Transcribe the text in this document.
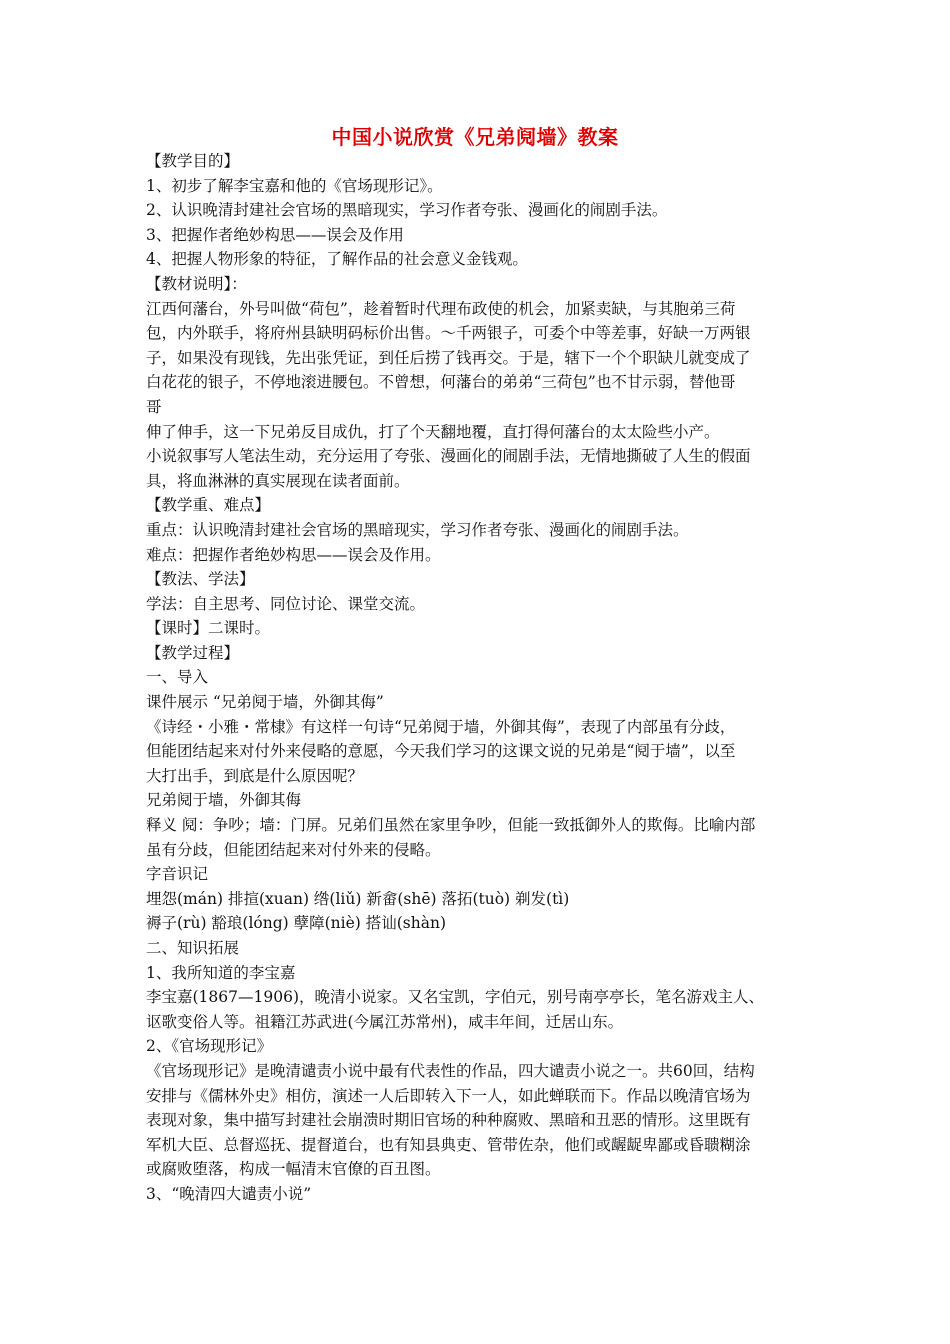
中国小说欣赏《兄弟阋墙》教案
【教学目的】
1、初步了解李宝嘉和他的《官场现形记》。
2、认识晚清封建社会官场的黑暗现实，学习作者夸张、漫画化的闹剧手法。
3、把握作者绝妙构思——误会及作用
4、把握人物形象的特征，了解作品的社会意义金钱观。
【教材说明】：
江西何藩台，外号叫做“荷包”，趁着暂时代理布政使的机会，加紧卖缺，与其胞弟三荷
包，内外联手，将府州县缺明码标价出售。～千两银子，可委个中等差事，好缺一万两银
子，如果没有现钱，先出张凭证，到任后捞了钱再交。于是，辖下一个个职缺儿就变成了
白花花的银子，不停地滚进腰包。不曾想，何藩台的弟弟“三荷包”也不甘示弱，替他哥
哥
伸了伸手，这一下兄弟反目成仇，打了个天翻地覆，直打得何藩台的太太险些小产。
小说叙事写人笔法生动，充分运用了夸张、漫画化的闹剧手法，无情地撕破了人生的假面
具，将血淋淋的真实展现在读者面前。
【教学重、难点】
重点：认识晚清封建社会官场的黑暗现实，学习作者夸张、漫画化的闹剧手法。
难点：把握作者绝妙构思——误会及作用。
【教法、学法】
学法：自主思考、同位讨论、课堂交流。
【课时】二课时。
【教学过程】
一、导入
课件展示 “兄弟阋于墙，外御其侮”
《诗经・小雅・常棣》有这样一句诗“兄弟阋于墙，外御其侮”，表现了内部虽有分歧，
但能团结起来对付外来侵略的意愿，今天我们学习的这课文说的兄弟是“阋于墙”，以至
大打出手，到底是什么原因呢？
兄弟阋于墙，外御其侮
释义 阋：争吵；墙：门屏。兄弟们虽然在家里争吵，但能一致抵御外人的欺侮。比喻内部
虽有分歧，但能团结起来对付外来的侵略。
字音识记
埋怨(mán) 排揎(xuan) 绺(liǔ) 新畲(shē) 落拓(tuò) 剃发(tì)
褥子(rù) 豁琅(lóng) 孽障(niè) 搭讪(shàn)
二、知识拓展
1、我所知道的李宝嘉
李宝嘉(1867—1906)，晚清小说家。又名宝凯，字伯元，别号南亭亭长，笔名游戏主人、
讴歌变俗人等。祖籍江苏武进(今属江苏常州)，咸丰年间，迁居山东。
2、《官场现形记》
《官场现形记》是晚清谴责小说中最有代表性的作品，四大谴责小说之一。共60回，结构
安排与《儒林外史》相仿，演述一人后即转入下一人，如此蝉联而下。作品以晚清官场为
表现对象，集中描写封建社会崩溃时期旧官场的种种腐败、黑暗和丑恶的情形。这里既有
军机大臣、总督巡抚、提督道台，也有知县典吏、管带佐杂，他们或龌龊卑鄙或昏聩糊涂
或腐败堕落，构成一幅清末官僚的百丑图。
3、“晚清四大谴责小说”
